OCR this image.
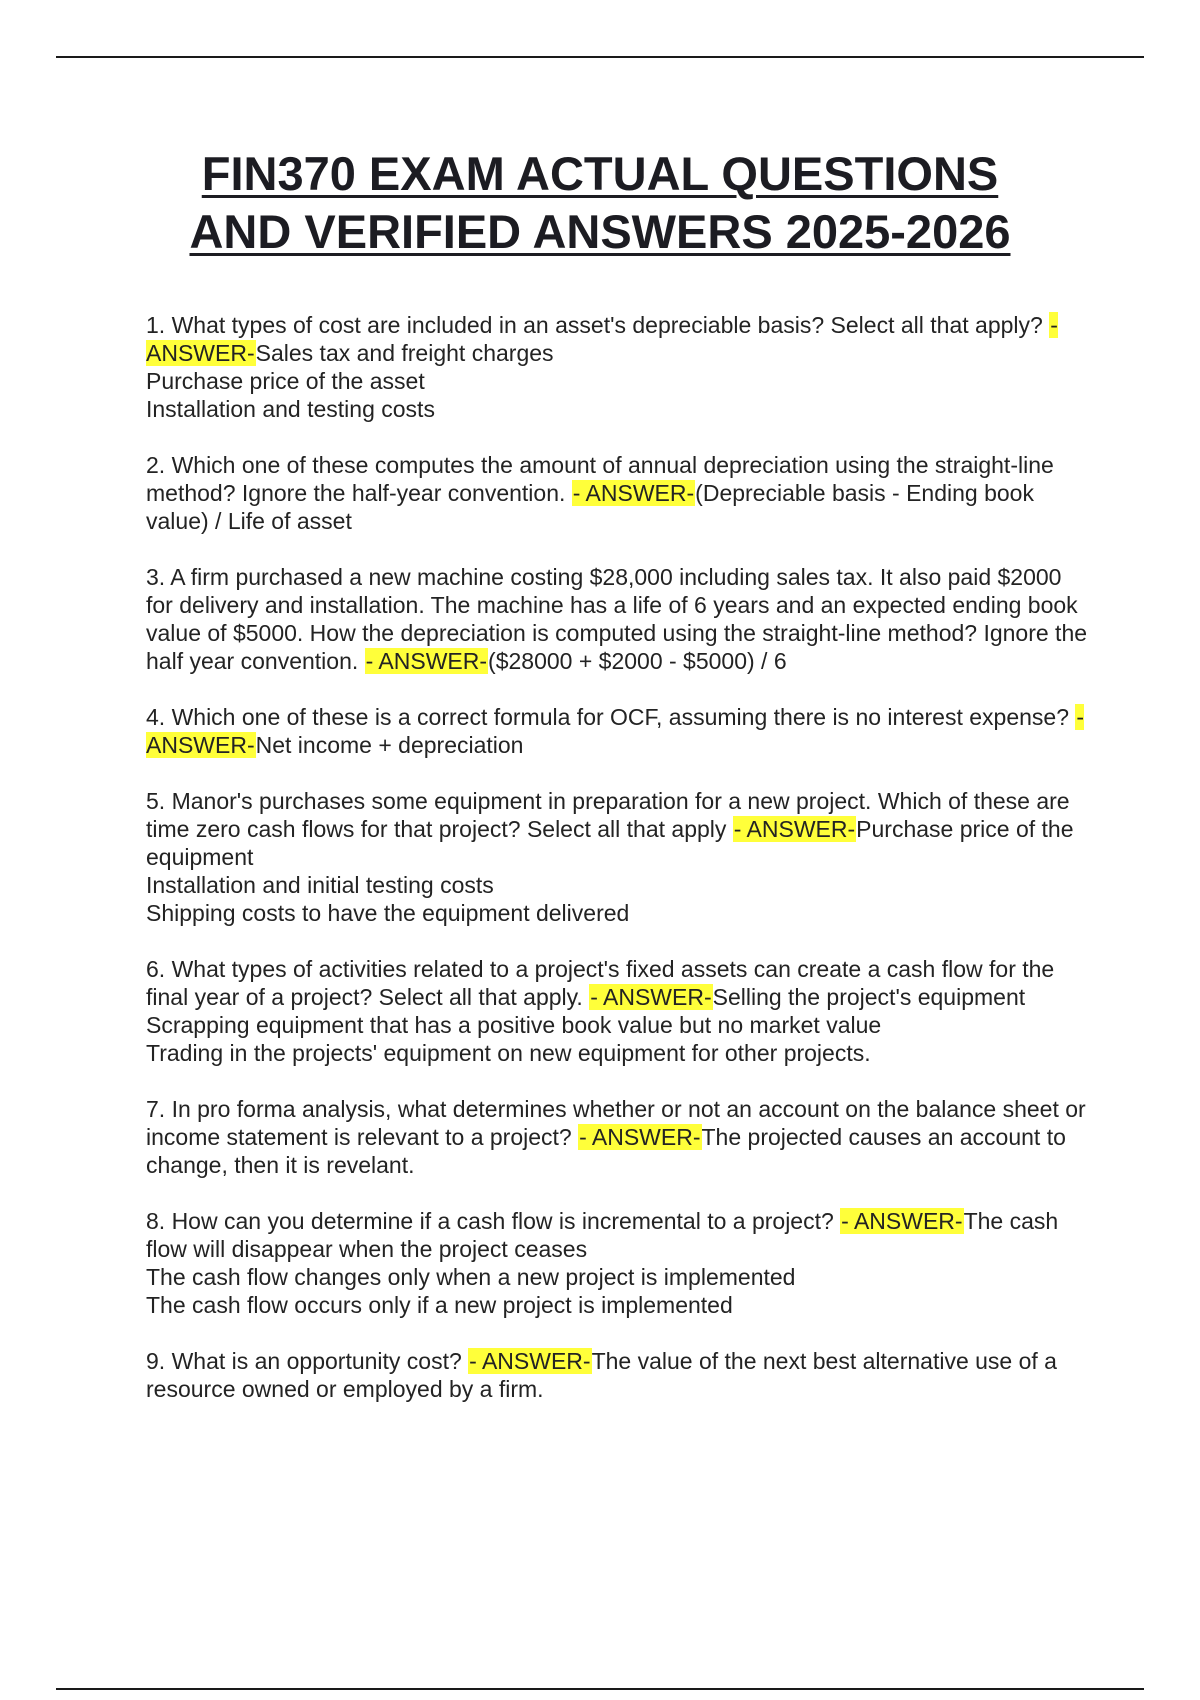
FIN370 EXAM ACTUAL QUESTIONS
AND VERIFIED ANSWERS 2025-2026

1. What types of cost are included in an asset's depreciable basis? Select all that apply? - ANSWER-Sales tax and freight charges
Purchase price of the asset
Installation and testing costs

2. Which one of these computes the amount of annual depreciation using the straight-line method? Ignore the half-year convention. - ANSWER-(Depreciable basis - Ending book value) / Life of asset

3. A firm purchased a new machine costing $28,000 including sales tax. It also paid $2000 for delivery and installation. The machine has a life of 6 years and an expected ending book value of $5000. How the depreciation is computed using the straight-line method? Ignore the half year convention. - ANSWER-($28000 + $2000 - $5000) / 6

4. Which one of these is a correct formula for OCF, assuming there is no interest expense? - ANSWER-Net income + depreciation

5. Manor's purchases some equipment in preparation for a new project. Which of these are time zero cash flows for that project? Select all that apply - ANSWER-Purchase price of the equipment
Installation and initial testing costs
Shipping costs to have the equipment delivered

6. What types of activities related to a project's fixed assets can create a cash flow for the final year of a project? Select all that apply. - ANSWER-Selling the project's equipment
Scrapping equipment that has a positive book value but no market value
Trading in the projects' equipment on new equipment for other projects.

7. In pro forma analysis, what determines whether or not an account on the balance sheet or income statement is relevant to a project? - ANSWER-The projected causes an account to change, then it is revelant.

8. How can you determine if a cash flow is incremental to a project? - ANSWER-The cash flow will disappear when the project ceases
The cash flow changes only when a new project is implemented
The cash flow occurs only if a new project is implemented

9. What is an opportunity cost? - ANSWER-The value of the next best alternative use of a resource owned or employed by a firm.
